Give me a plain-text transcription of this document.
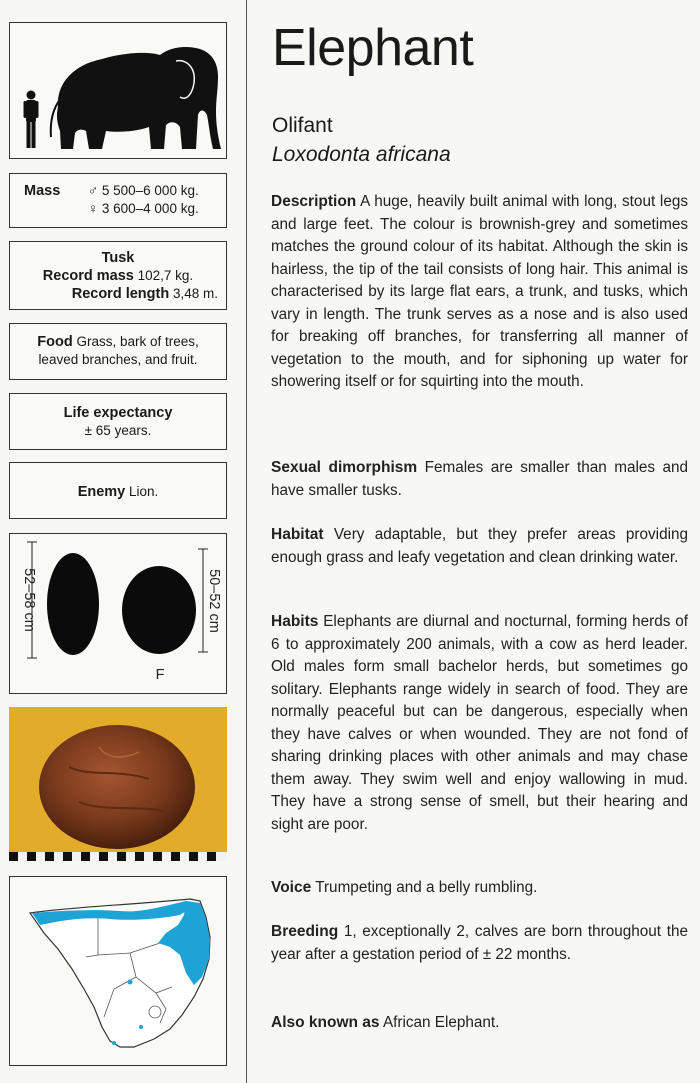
Mass	♂ 5 500–6 000 kg.
♀ 3 600–4 000 kg.
Tusk
Record mass 102,7 kg.
Record length 3,48 m.
Food Grass, bark of trees, leaved branches, and fruit.
Life expectancy
± 65 years.
Enemy Lion.
52–58 cm	50–52 cm
F
Elephant
Olifant
Loxodonta africana
Description A huge, heavily built animal with long, stout legs and large feet. The colour is brownish-grey and sometimes matches the ground colour of its habitat. Although the skin is hairless, the tip of the tail consists of long hair. This animal is characterised by its large flat ears, a trunk, and tusks, which vary in length. The trunk serves as a nose and is also used for breaking off branches, for transferring all manner of vegetation to the mouth, and for siphoning up water for showering itself or for squirting into the mouth.
Sexual dimorphism Females are smaller than males and have smaller tusks.
Habitat Very adaptable, but they prefer areas providing enough grass and leafy vegetation and clean drinking water.
Habits Elephants are diurnal and nocturnal, forming herds of 6 to approximately 200 animals, with a cow as herd leader. Old males form small bachelor herds, but sometimes go solitary. Elephants range widely in search of food. They are normally peaceful but can be dangerous, especially when they have calves or when wounded. They are not fond of sharing drinking places with other animals and may chase them away. They swim well and enjoy wallowing in mud. They have a strong sense of smell, but their hearing and sight are poor.
Voice Trumpeting and a belly rumbling.
Breeding 1, exceptionally 2, calves are born throughout the year after a gestation period of ± 22 months.
Also known as African Elephant.
